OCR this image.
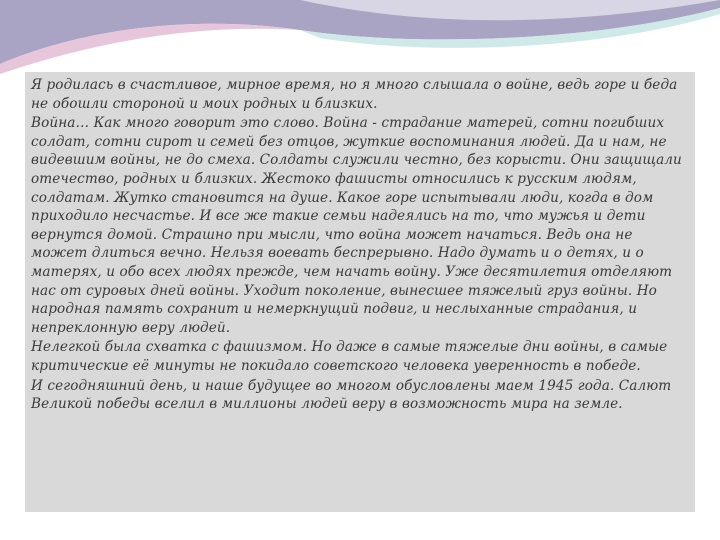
Я родилась в счастливое, мирное время, но я много слышала о войне, ведь горе и беда
не обошли стороной и моих родных и близких.

Война… Как много говорит это слово. Война - страдание матерей, сотни погибших
солдат, сотни сирот и семей без отцов, жуткие воспоминания людей. Да и нам, не
видевшим войны, не до смеха. Солдаты служили честно, без корысти. Они защищали
отечество, родных и близких. Жестоко фашисты относились к русским людям,
солдатам. Жутко становится на душе. Какое горе испытывали люди, когда в дом
приходило несчастье. И все же такие семьи надеялись на то, что мужья и дети
вернутся домой. Страшно при мысли, что война может начаться. Ведь она не
может длиться вечно. Нельзя воевать беспрерывно. Надо думать и о детях, и о
матерях, и обо всех людях прежде, чем начать войну. Уже десятилетия отделяют
нас от суровых дней войны. Уходит поколение, вынесшее тяжелый груз войны. Но
народная память сохранит и немеркнущий подвиг, и неслыханные страдания, и
непреклонную веру людей.

Нелегкой была схватка с фашизмом. Но даже в самые тяжелые дни войны, в самые
критические её минуты не покидало советского человека уверенность в победе.

И сегодняшний день, и наше будущее во многом обусловлены маем 1945 года. Салют
Великой победы вселил в миллионы людей веру в возможность мира на земле.
